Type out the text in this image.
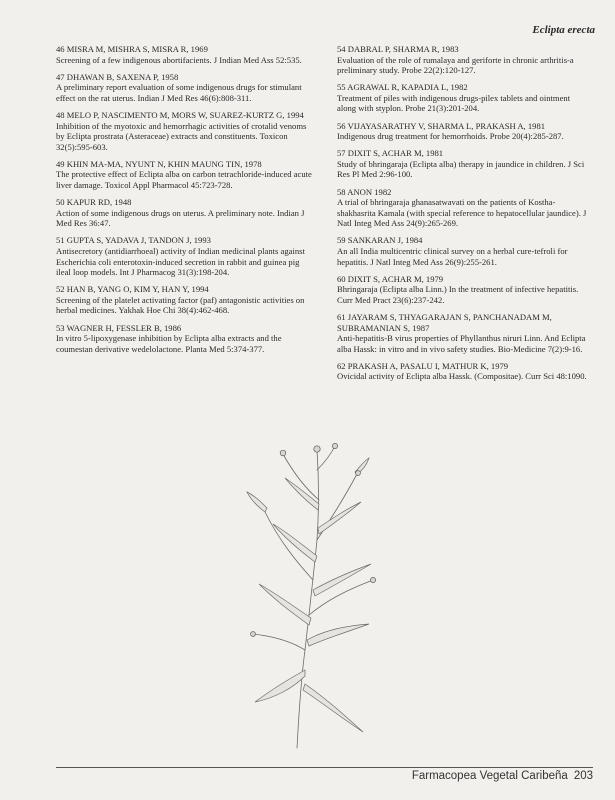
Eclipta erecta
46 MISRA M, MISHRA S, MISRA R, 1969
Screening of a few indigenous abortifacients. J Indian Med Ass 52:535.
47 DHAWAN B, SAXENA P, 1958
A preliminary report evaluation of some indigenous drugs for stimulant effect on the rat uterus. Indian J Med Res 46(6):808-311.
48 MELO P, NASCIMENTO M, MORS W, SUAREZ-KURTZ G, 1994
Inhibition of the myotoxic and hemorrhagic activities of crotalid venoms by Eclipta prostrata (Asteraceae) extracts and constituents. Toxicon 32(5):595-603.
49 KHIN MA-MA, NYUNT N, KHIN MAUNG TIN, 1978
The protective effect of Eclipta alba on carbon tetrachloride-induced acute liver damage. Toxicol Appl Pharmacol 45:723-728.
50 KAPUR RD, 1948
Action of some indigenous drugs on uterus. A preliminary note. Indian J Med Res 36:47.
51 GUPTA S, YADAVA J, TANDON J, 1993
Antisecretory (antidiarrhoeal) activity of Indian medicinal plants against Escherichia coli enterotoxin-induced secretion in rabbit and guinea pig ileal loop models. Int J Pharmacog 31(3):198-204.
52 HAN B, YANG O, KIM Y, HAN Y, 1994
Screening of the platelet activating factor (paf) antagonistic activities on herbal medicines. Yakhak Hoe Chi 38(4):462-468.
53 WAGNER H, FESSLER B, 1986
In vitro 5-lipoxygenase inhibition by Eclipta alba extracts and the coumestan derivative wedelolactone. Planta Med 5:374-377.
54 DABRAL P, SHARMA R, 1983
Evaluation of the role of rumalaya and geriforte in chronic arthritis-a preliminary study. Probe 22(2):120-127.
55 AGRAWAL R, KAPADIA L, 1982
Treatment of piles with indigenous drugs-pilex tablets and ointment along with styplon. Probe 21(3):201-204.
56 VIJAYASARATHY V, SHARMA L, PRAKASH A, 1981
Indigenous drug treatment for hemorrhoids. Probe 20(4):285-287.
57 DIXIT S, ACHAR M, 1981
Study of bhringaraja (Eclipta alba) therapy in jaundice in children. J Sci Res Pl Med 2:96-100.
58 ANON 1982
A trial of bhringaraja ghanasatwavati on the patients of Kostha-shakhasrita Kamala (with special reference to hepatocellular jaundice). J Natl Integ Med Ass 24(9):265-269.
59 SANKARAN J, 1984
An all India multicentric clinical survey on a herbal cure-tefroli for hepatitis. J Natl Integ Med Ass 26(9):255-261.
60 DIXIT S, ACHAR M, 1979
Bhringaraja (Eclipta alba Linn.) In the treatment of infective hepatitis. Curr Med Pract 23(6):237-242.
61 JAYARAM S, THYAGARAJAN S, PANCHANADAM M, SUBRAMANIAN S, 1987
Anti-hepatitis-B virus properties of Phyllanthus niruri Linn. And Eclipta alba Hassk: in vitro and in vivo safety studies. Bio-Medicine 7(2):9-16.
62 PRAKASH A, PASALU I, MATHUR K, 1979
Ovicidal activity of Eclipta alba Hassk. (Compositae). Curr Sci 48:1090.
Farmacopea Vegetal Caribeña 203
